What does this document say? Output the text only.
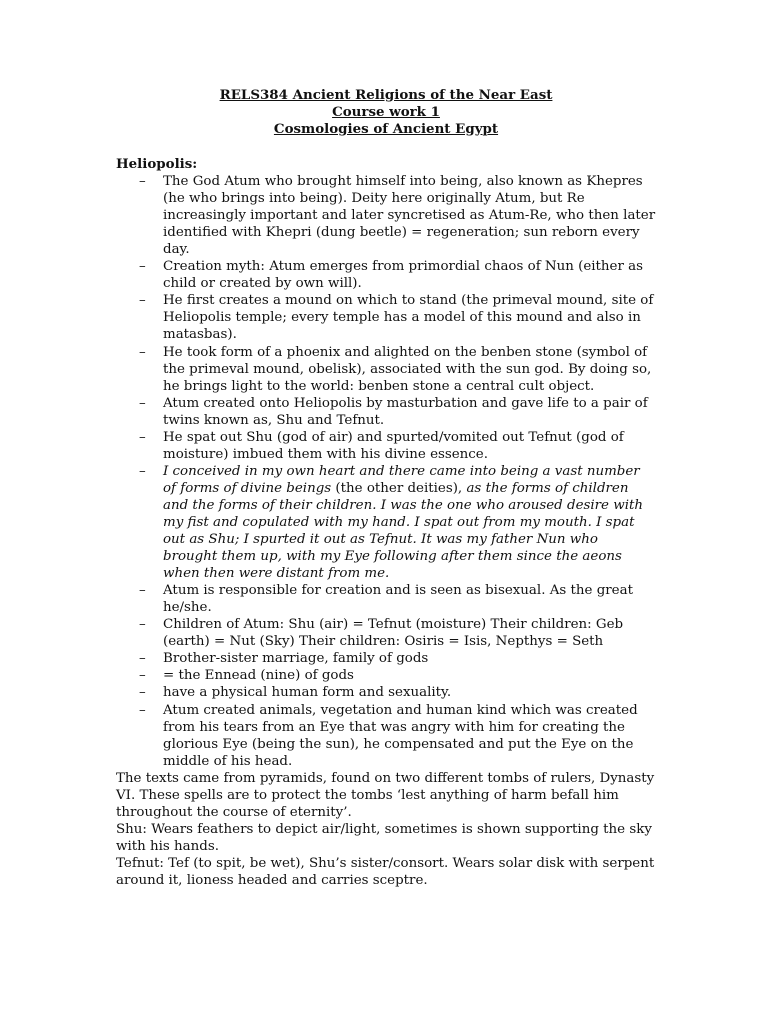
RELS384 Ancient Religions of the Near East
Course work 1
Cosmologies of Ancient Egypt

Heliopolis:

– The God Atum who brought himself into being, also known as Khepres (he who brings into being). Deity here originally Atum, but Re increasingly important and later syncretised as Atum-Re, who then later identified with Khepri (dung beetle) = regeneration; sun reborn every day.
– Creation myth: Atum emerges from primordial chaos of Nun (either as child or created by own will).
– He first creates a mound on which to stand (the primeval mound, site of Heliopolis temple; every temple has a model of this mound and also in matasbas).
– He took form of a phoenix and alighted on the benben stone (symbol of the primeval mound, obelisk), associated with the sun god. By doing so, he brings light to the world: benben stone a central cult object.
– Atum created onto Heliopolis by masturbation and gave life to a pair of twins known as, Shu and Tefnut.
– He spat out Shu (god of air) and spurted/vomited out Tefnut (god of moisture) imbued them with his divine essence.
– I conceived in my own heart and there came into being a vast number of forms of divine beings (the other deities), as the forms of children and the forms of their children. I was the one who aroused desire with my fist and copulated with my hand. I spat out from my mouth. I spat out as Shu; I spurted it out as Tefnut. It was my father Nun who brought them up, with my Eye following after them since the aeons when then were distant from me.
– Atum is responsible for creation and is seen as bisexual. As the great he/she.
– Children of Atum: Shu (air) = Tefnut (moisture) Their children: Geb (earth) = Nut (Sky) Their children: Osiris = Isis, Nepthys = Seth
– Brother-sister marriage, family of gods
– = the Ennead (nine) of gods
– have a physical human form and sexuality.
– Atum created animals, vegetation and human kind which was created from his tears from an Eye that was angry with him for creating the glorious Eye (being the sun), he compensated and put the Eye on the middle of his head.

The texts came from pyramids, found on two different tombs of rulers, Dynasty VI. These spells are to protect the tombs ‘lest anything of harm befall him throughout the course of eternity’.

Shu: Wears feathers to depict air/light, sometimes is shown supporting the sky with his hands.

Tefnut: Tef (to spit, be wet), Shu’s sister/consort. Wears solar disk with serpent around it, lioness headed and carries sceptre.
